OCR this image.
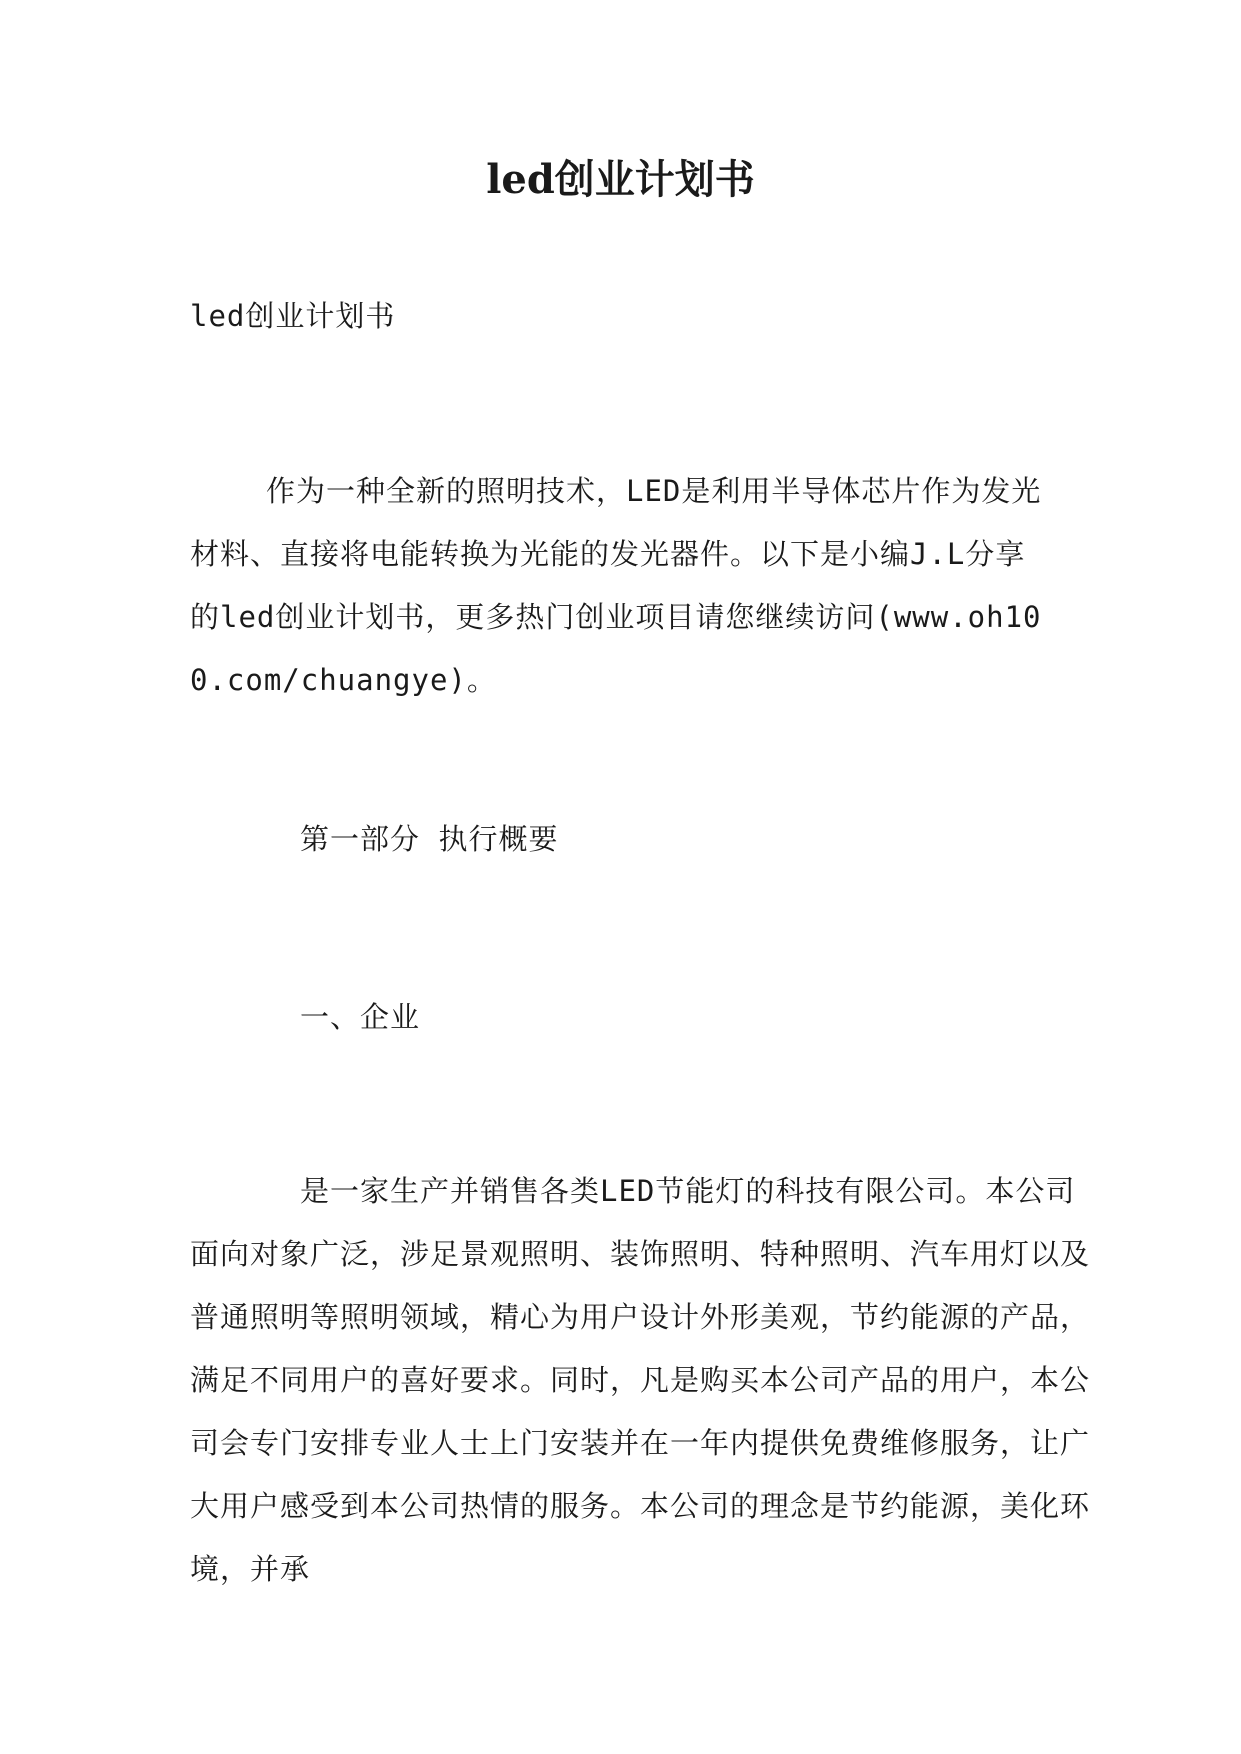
led创业计划书

led创业计划书

作为一种全新的照明技术，LED是利用半导体芯片作为发光材料、直接将电能转换为光能的发光器件。以下是小编J.L分享的led创业计划书，更多热门创业项目请您继续访问(www.oh100.com/chuangye)。

第一部分 执行概要

一、企业

是一家生产并销售各类LED节能灯的科技有限公司。本公司面向对象广泛，涉足景观照明、装饰照明、特种照明、汽车用灯以及普通照明等照明领域，精心为用户设计外形美观，节约能源的产品，满足不同用户的喜好要求。同时，凡是购买本公司产品的用户，本公司会专门安排专业人士上门安装并在一年内提供免费维修服务，让广大用户感受到本公司热情的服务。本公司的理念是节约能源，美化环境，并承
